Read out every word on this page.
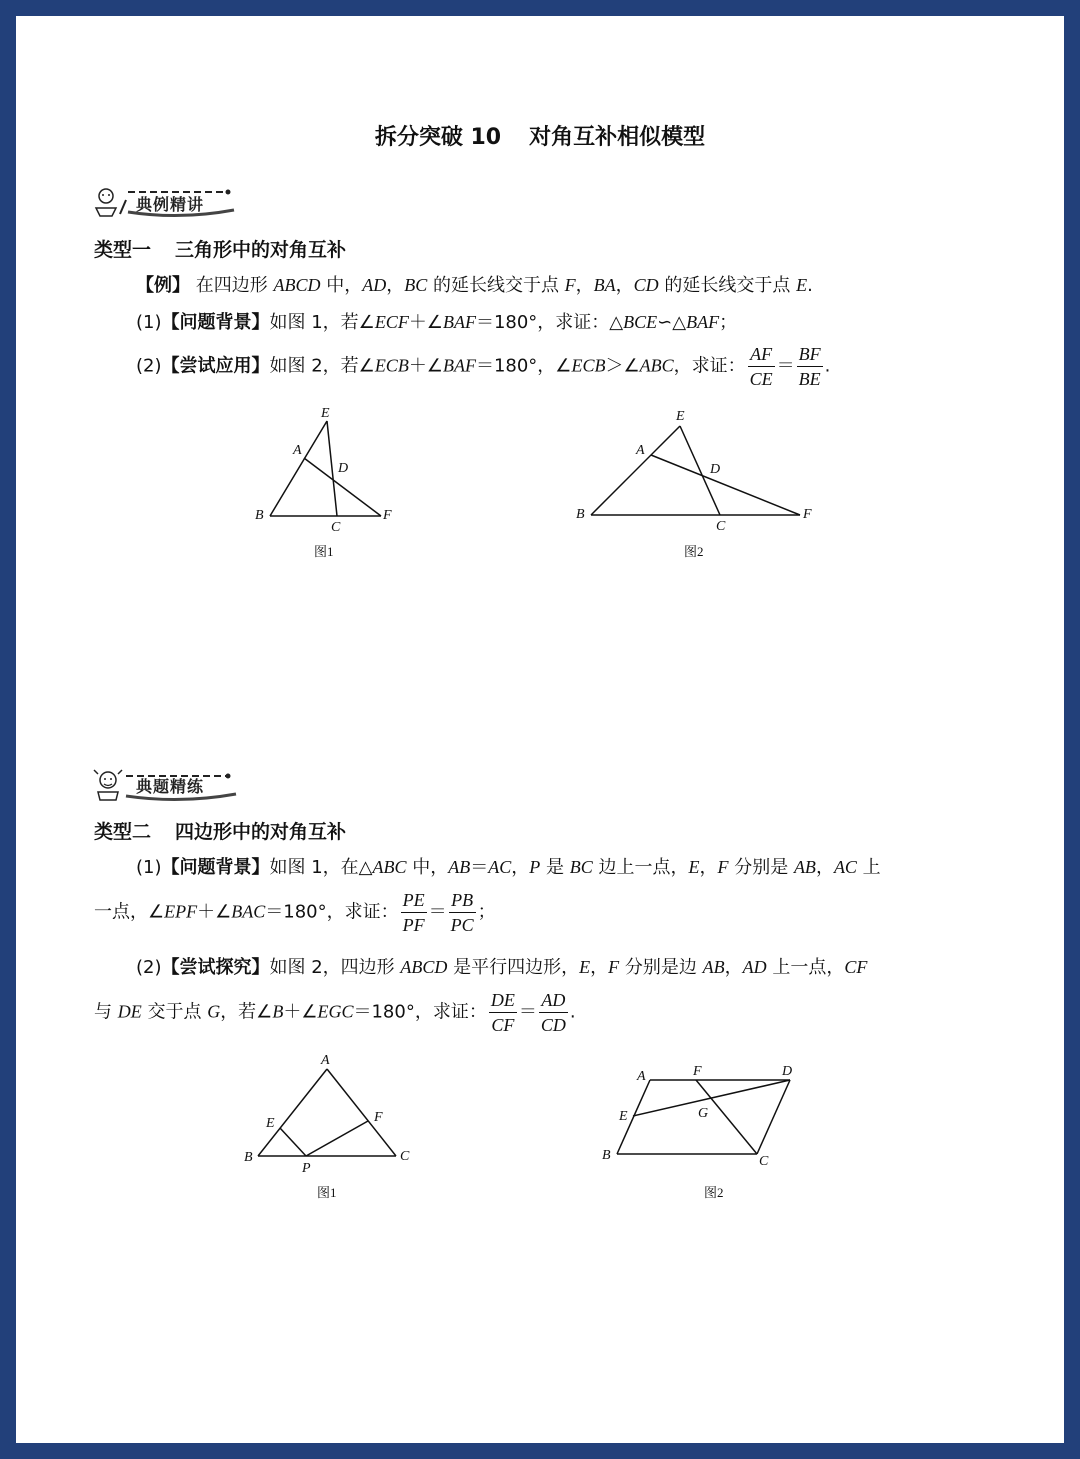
拆分突破 10 对角互补相似模型
典例精讲
类型一 三角形中的对角互补
【例】 在四边形 ABCD 中，AD，BC 的延长线交于点 F，BA，CD 的延长线交于点 E.
(1)【问题背景】如图 1，若∠ECF＋∠BAF＝180°，求证：△BCE∽△BAF；
(2)【尝试应用】如图 2，若∠ECB＋∠BAF＝180°，∠ECB＞∠ABC，求证： $\frac{AF}{CE} = \frac{BF}{BE}$ .
E
A
D
B
C
F
图1
E
A
D
B
C
F
图2
典题精练
类型二 四边形中的对角互补
(1)【问题背景】如图 1，在△ABC 中，AB＝AC，P 是 BC 边上一点，E，F 分别是 AB，AC 上
一点，∠EPF＋∠BAC＝180°，求证： $\frac{PE}{PF} = \frac{PB}{PC}$ ；
(2)【尝试探究】如图 2，四边形 ABCD 是平行四边形，E，F 分别是边 AB，AD 上一点，CF
与 DE 交于点 G，若∠B＋∠EGC＝180°，求证： $\frac{DE}{CF} = \frac{AD}{CD}$ .
A
E	F
B
P
C
图1
A	F	D
E	G
B	C
图2
